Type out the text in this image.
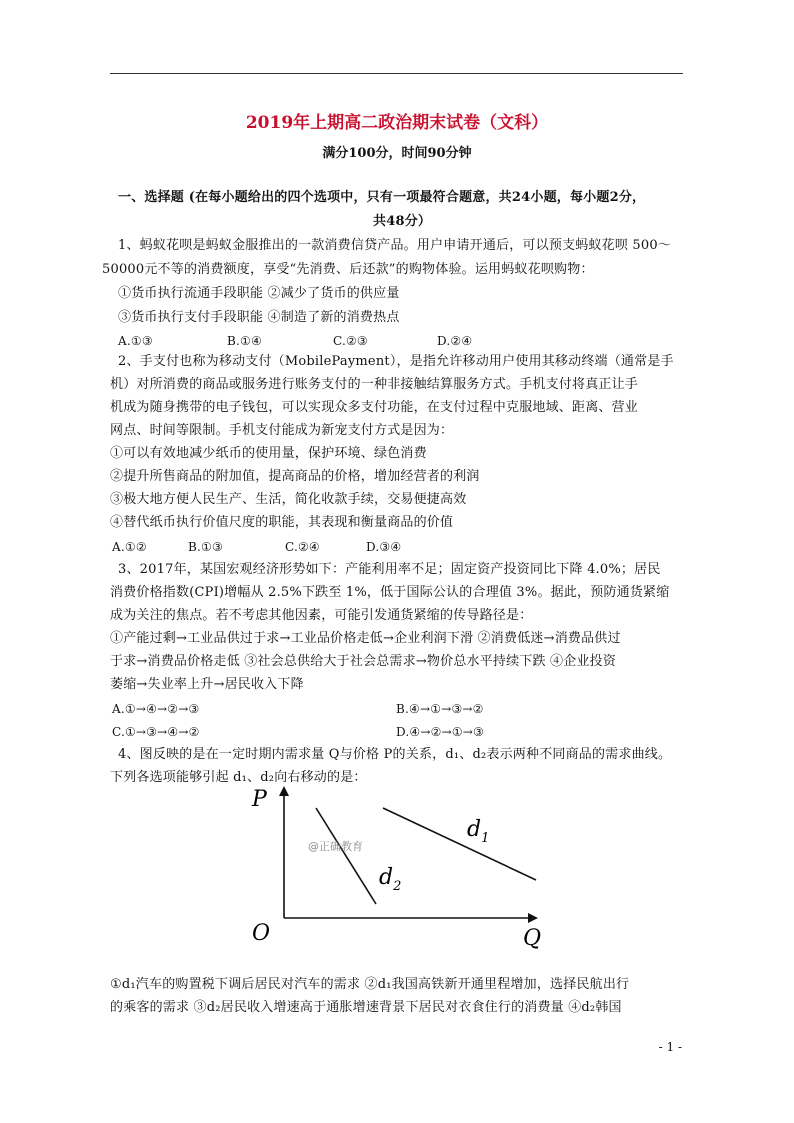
2019年上期高二政治期末试卷（文科）
满分100分，时间90分钟
一、选择题 (在每小题给出的四个选项中，只有一项最符合题意，共24小题，每小题2分，
共48分）
1、蚂蚁花呗是蚂蚁金服推出的一款消费信贷产品。用户申请开通后，可以预支蚂蚁花呗 500～
50000元不等的消费额度，享受“先消费、后还款”的购物体验。运用蚂蚁花呗购物：
①货币执行流通手段职能 ②减少了货币的供应量
③货币执行支付手段职能 ④制造了新的消费热点
A.①③	B.①④	C.②③	D.②④
2、手支付也称为移动支付（MobilePayment），是指允许移动用户使用其移动终端（通常是手
机）对所消费的商品或服务进行账务支付的一种非接触结算服务方式。手机支付将真正让手
机成为随身携带的电子钱包，可以实现众多支付功能，在支付过程中克服地域、距离、营业
网点、时间等限制。手机支付能成为新宠支付方式是因为：
①可以有效地减少纸币的使用量，保护环境、绿色消费
②提升所售商品的附加值，提高商品的价格，增加经营者的利润
③极大地方便人民生产、生活，简化收款手续，交易便捷高效
④替代纸币执行价值尺度的职能，其表现和衡量商品的价值
A.①②	B.①③	C.②④	D.③④
3、2017年，某国宏观经济形势如下：产能利用率不足；固定资产投资同比下降 4.0%；居民
消费价格指数(CPI)增幅从 2.5%下跌至 1%，低于国际公认的合理值 3%。据此，预防通货紧缩
成为关注的焦点。若不考虑其他因素，可能引发通货紧缩的传导路径是：
①产能过剩→工业品供过于求→工业品价格走低→企业利润下滑 ②消费低迷→消费品供过
于求→消费品价格走低 ③社会总供给大于社会总需求→物价总水平持续下跌 ④企业投资
萎缩→失业率上升→居民收入下降
A.①→④→②→③	B.④→①→③→②
C.①→③→④→②	D.④→②→①→③
4、图反映的是在一定时期内需求量 Q与价格 P的关系，d₁、d₂表示两种不同商品的需求曲线。
下列各选项能够引起 d₁、d₂向右移动的是：
P
O	Q
$d_1$
$d_2$
@正确教育
①d₁汽车的购置税下调后居民对汽车的需求 ②d₁我国高铁新开通里程增加，选择民航出行
的乘客的需求 ③d₂居民收入增速高于通胀增速背景下居民对衣食住行的消费量 ④d₂韩国
- 1 -
